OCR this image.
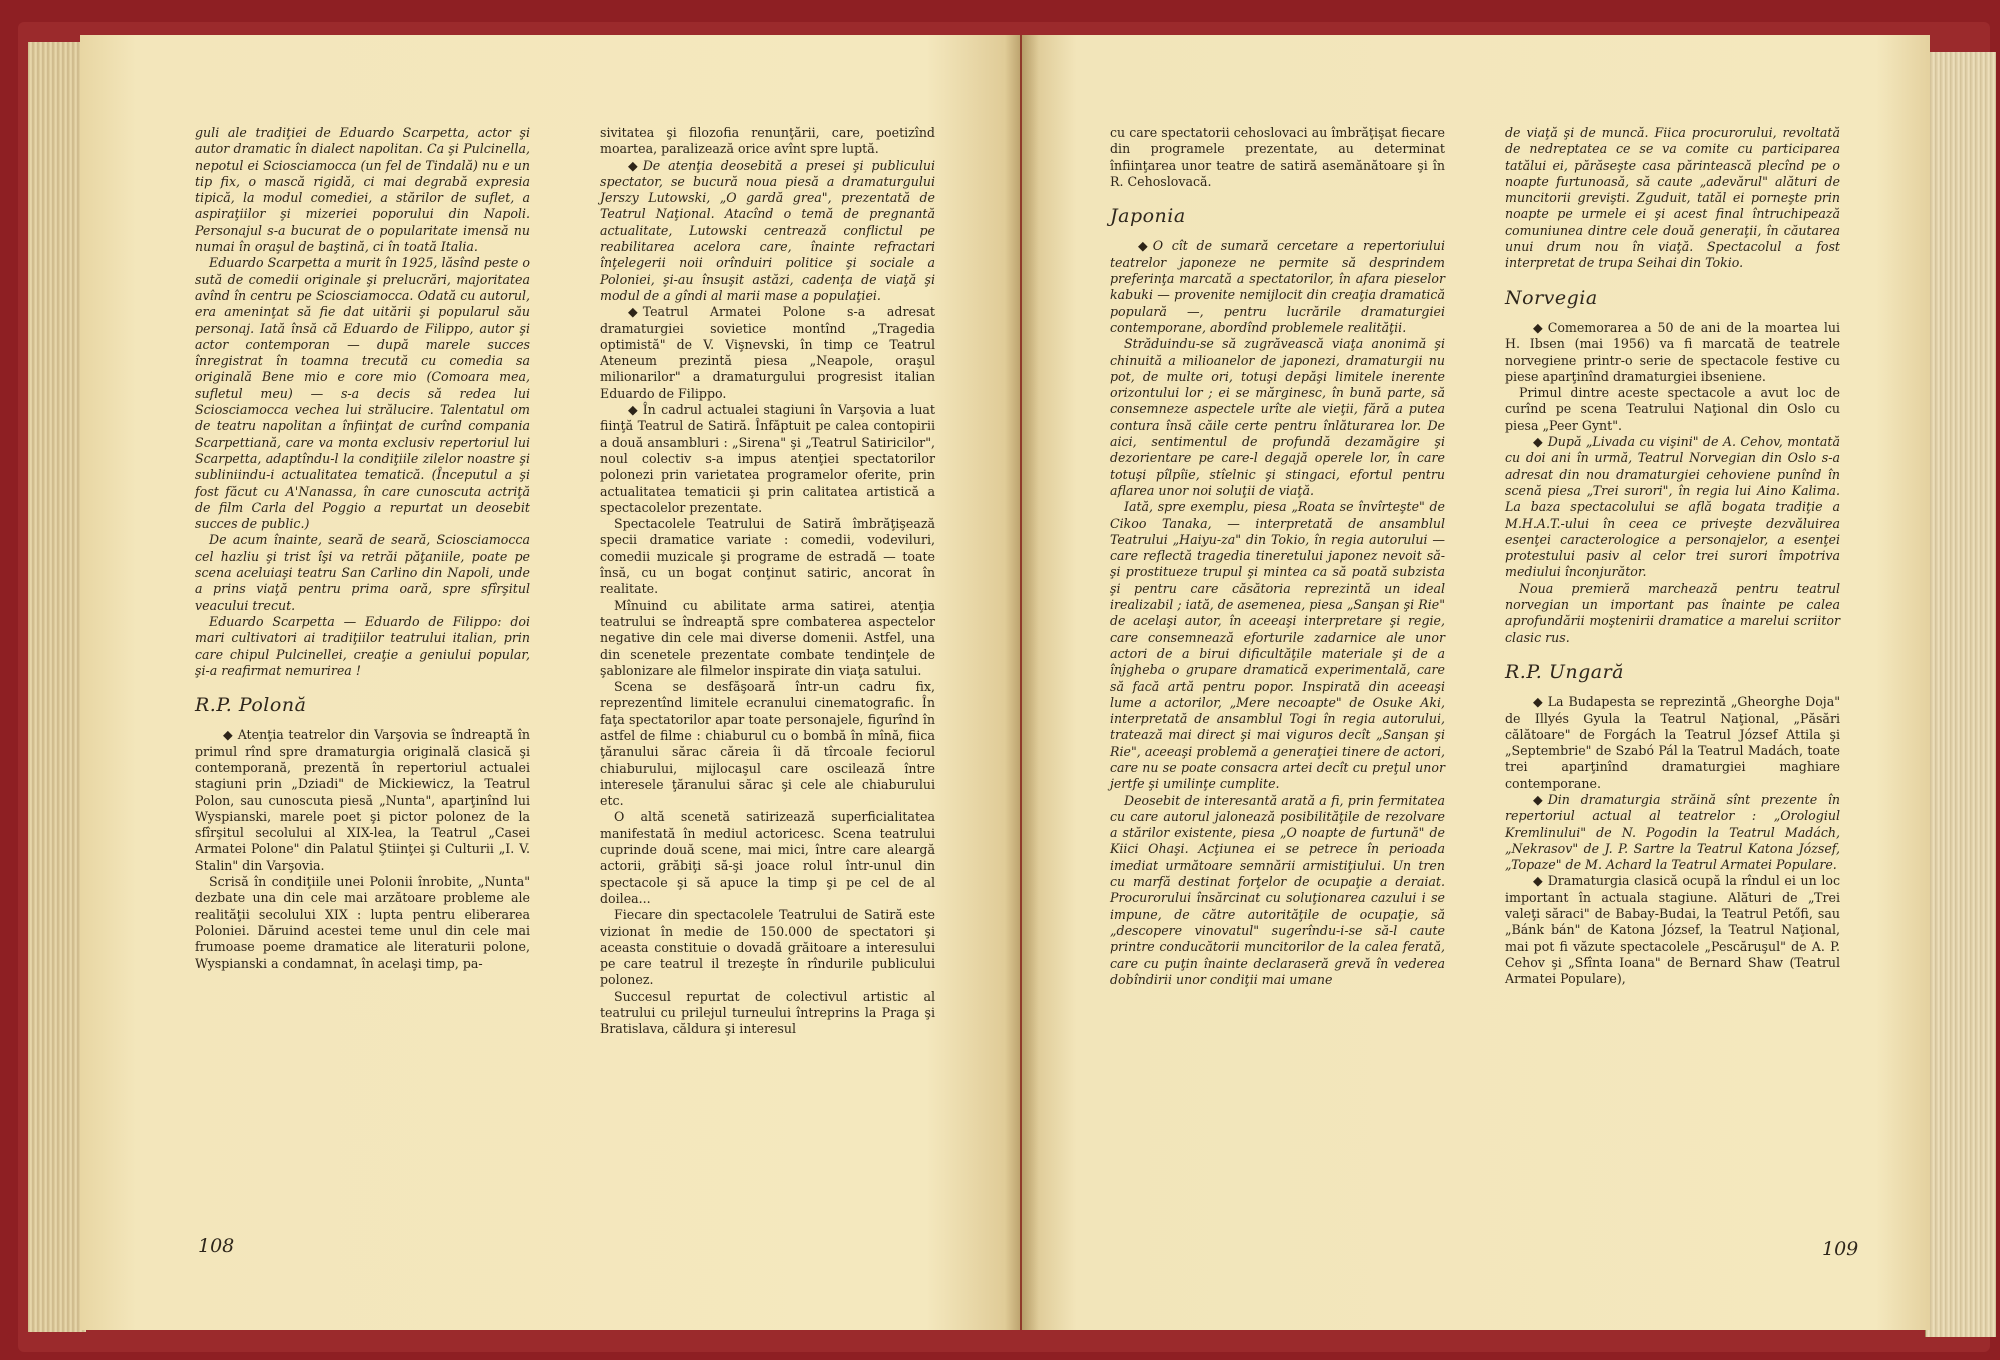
guli ale tradiţiei de Eduardo Scarpetta, actor şi autor dramatic în dialect napolitan. Ca şi Pulcinella, nepotul ei Sciosciamocca (un fel de Tindală) nu e un tip fix, o mască rigidă, ci mai degrabă expresia tipică, la modul comediei, a stărilor de suflet, a aspiraţiilor şi mizeriei poporului din Napoli. Personajul s-a bucurat de o popularitate imensă nu numai în oraşul de baştină, ci în toată Italia.

Eduardo Scarpetta a murit în 1925, lăsînd peste o sută de comedii originale şi prelucrări, majoritatea avînd în centru pe Sciosciamocca. Odată cu autorul, era ameninţat să fie dat uitării şi popularul său personaj. Iată însă că Eduardo de Filippo, autor şi actor contemporan — după marele succes înregistrat în toamna trecută cu comedia sa originală Bene mio e core mio (Comoara mea, sufletul meu) — s-a decis să redea lui Sciosciamocca vechea lui strălucire. Talentatul om de teatru napolitan a înfiinţat de curînd compania Scarpettiană, care va monta exclusiv repertoriul lui Scarpetta, adaptîndu-l la condiţiile zilelor noastre şi subliniindu-i actualitatea tematică. (Începutul a şi fost făcut cu A'Nanassa, în care cunoscuta actriţă de film Carla del Poggio a repurtat un deosebit succes de public.)

De acum înainte, seară de seară, Sciosciamocca cel hazliu şi trist îşi va retrăi păţaniile, poate pe scena aceluiaşi teatru San Carlino din Napoli, unde a prins viaţă pentru prima oară, spre sfîrşitul veacului trecut.

Eduardo Scarpetta — Eduardo de Filippo: doi mari cultivatori ai tradiţiilor teatrului italian, prin care chipul Pulcinellei, creaţie a geniului popular, şi-a reafirmat nemurirea !

R.P. Polonă

◆ Atenţia teatrelor din Varşovia se îndreaptă în primul rînd spre dramaturgia originală clasică şi contemporană, prezentă în repertoriul actualei stagiuni prin „Dziadi" de Mickiewicz, la Teatrul Polon, sau cunoscuta piesă „Nunta", aparţinînd lui Wyspianski, marele poet şi pictor polonez de la sfîrşitul secolului al XIX-lea, la Teatrul „Casei Armatei Polone" din Palatul Ştiinţei şi Culturii „I. V. Stalin" din Varşovia.

Scrisă în condiţiile unei Polonii înrobite, „Nunta" dezbate una din cele mai arzătoare probleme ale realităţii secolului XIX : lupta pentru eliberarea Poloniei. Dăruind acestei teme unul din cele mai frumoase poeme dramatice ale literaturii polone, Wyspianski a condamnat, în acelaşi timp, pa-

sivitatea şi filozofia renunţării, care, poetizînd moartea, paralizează orice avînt spre luptă.

◆ De atenţia deosebită a presei şi publicului spectator, se bucură noua piesă a dramaturgului Jerszy Lutowski, „O gardă grea", prezentată de Teatrul Naţional. Atacînd o temă de pregnantă actualitate, Lutowski centrează conflictul pe reabilitarea acelora care, înainte refractari înţelegerii noii orînduiri politice şi sociale a Poloniei, şi-au însuşit astăzi, cadenţa de viaţă şi modul de a gîndi al marii mase a populaţiei.

◆ Teatrul Armatei Polone s-a adresat dramaturgiei sovietice montînd „Tragedia optimistă" de V. Vişnevski, în timp ce Teatrul Ateneum prezintă piesa „Neapole, oraşul milionarilor" a dramaturgului progresist italian Eduardo de Filippo.

◆ În cadrul actualei stagiuni în Varşovia a luat fiinţă Teatrul de Satiră. Înfăptuit pe calea contopirii a două ansambluri : „Sirena" şi „Teatrul Satiricilor", noul colectiv s-a impus atenţiei spectatorilor polonezi prin varietatea programelor oferite, prin actualitatea tematicii şi prin calitatea artistică a spectacolelor prezentate.

Spectacolele Teatrului de Satiră îmbrăţişează specii dramatice variate : comedii, vodeviluri, comedii muzicale şi programe de estradă — toate însă, cu un bogat conţinut satiric, ancorat în realitate.

Mînuind cu abilitate arma satirei, atenţia teatrului se îndreaptă spre combaterea aspectelor negative din cele mai diverse domenii. Astfel, una din scenetele prezentate combate tendinţele de şablonizare ale filmelor inspirate din viaţa satului.

Scena se desfăşoară într-un cadru fix, reprezentînd limitele ecranului cinematografic. În faţa spectatorilor apar toate personajele, figurînd în astfel de filme : chiaburul cu o bombă în mînă, fiica ţăranului sărac căreia îi dă tîrcoale feciorul chiaburului, mijlocaşul care oscilează între interesele ţăranului sărac şi cele ale chiaburului etc.

O altă scenetă satirizează superficialitatea manifestată în mediul actoricesc. Scena teatrului cuprinde două scene, mai mici, între care aleargă actorii, grăbiţi să-şi joace rolul într-unul din spectacole şi să apuce la timp şi pe cel de al doilea...

Fiecare din spectacolele Teatrului de Satiră este vizionat în medie de 150.000 de spectatori şi aceasta constituie o dovadă grăitoare a interesului pe care teatrul il trezeşte în rîndurile publicului polonez.

Succesul repurtat de colectivul artistic al teatrului cu prilejul turneului întreprins la Praga şi Bratislava, căldura şi interesul

108

cu care spectatorii cehoslovaci au îmbrăţişat fiecare din programele prezentate, au determinat înfiinţarea unor teatre de satiră asemănătoare şi în R. Cehoslovacă.

Japonia

◆ O cît de sumară cercetare a repertoriului teatrelor japoneze ne permite să desprindem preferinţa marcată a spectatorilor, în afara pieselor kabuki — provenite nemijlocit din creaţia dramatică populară —, pentru lucrările dramaturgiei contemporane, abordînd problemele realităţii.

Străduindu-se să zugrăvească viaţa anonimă şi chinuită a milioanelor de japonezi, dramaturgii nu pot, de multe ori, totuşi depăşi limitele inerente orizontului lor ; ei se mărginesc, în bună parte, să consemneze aspectele urîte ale vieţii, fără a putea contura însă căile certe pentru înlăturarea lor. De aici, sentimentul de profundă dezamăgire şi dezorientare pe care-l degajă operele lor, în care totuşi pîlpîie, stîelnic şi stingaci, efortul pentru aflarea unor noi soluţii de viaţă.

Iată, spre exemplu, piesa „Roata se învîrteşte" de Cikoo Tanaka, — interpretată de ansamblul Teatrului „Haiyu-za" din Tokio, în regia autorului — care reflectă tragedia tineretului japonez nevoit să-şi prostitueze trupul şi mintea ca să poată subzista şi pentru care căsătoria reprezintă un ideal irealizabil ; iată, de asemenea, piesa „Sanşan şi Rie" de acelaşi autor, în aceeaşi interpretare şi regie, care consemnează eforturile zadarnice ale unor actori de a birui dificultăţile materiale şi de a înjgheba o grupare dramatică experimentală, care să facă artă pentru popor. Inspirată din aceeaşi lume a actorilor, „Mere necoapte" de Osuke Aki, interpretată de ansamblul Togi în regia autorului, tratează mai direct şi mai viguros decît „Sanşan şi Rie", aceeaşi problemă a generaţiei tinere de actori, care nu se poate consacra artei decît cu preţul unor jertfe şi umilinţe cumplite.

Deosebit de interesantă arată a fi, prin fermitatea cu care autorul jalonează posibilităţile de rezolvare a stărilor existente, piesa „O noapte de furtună" de Kiici Ohaşi. Acţiunea ei se petrece în perioada imediat următoare semnării armistiţiului. Un tren cu marfă destinat forţelor de ocupaţie a deraiat. Procurorului însărcinat cu soluţionarea cazului i se impune, de către autorităţile de ocupaţie, să „descopere vinovatul" sugerîndu-i-se să-l caute printre conducătorii muncitorilor de la calea ferată, care cu puţin înainte declaraseră grevă în vederea dobîndirii unor condiţii mai umane

de viaţă şi de muncă. Fiica procurorului, revoltată de nedreptatea ce se va comite cu participarea tatălui ei, părăseşte casa părintească plecînd pe o noapte furtunoasă, să caute „adevărul" alături de muncitorii grevişti. Zguduit, tatăl ei porneşte prin noapte pe urmele ei şi acest final întruchipează comuniunea dintre cele două generaţii, în căutarea unui drum nou în viaţă. Spectacolul a fost interpretat de trupa Seihai din Tokio.

Norvegia

◆ Comemorarea a 50 de ani de la moartea lui H. Ibsen (mai 1956) va fi marcată de teatrele norvegiene printr-o serie de spectacole festive cu piese aparţinînd dramaturgiei ibseniene.

Primul dintre aceste spectacole a avut loc de curînd pe scena Teatrului Naţional din Oslo cu piesa „Peer Gynt".

◆ După „Livada cu vişini" de A. Cehov, montată cu doi ani în urmă, Teatrul Norvegian din Oslo s-a adresat din nou dramaturgiei cehoviene punînd în scenă piesa „Trei surori", în regia lui Aino Kalima. La baza spectacolului se află bogata tradiţie a M.H.A.T.-ului în ceea ce priveşte dezvăluirea esenţei caracterologice a personajelor, a esenţei protestului pasiv al celor trei surori împotriva mediului înconjurător.

Noua premieră marchează pentru teatrul norvegian un important pas înainte pe calea aprofundării moştenirii dramatice a marelui scriitor clasic rus.

R.P. Ungară

◆ La Budapesta se reprezintă „Gheorghe Doja" de Illyés Gyula la Teatrul Naţional, „Păsări călătoare" de Forgách la Teatrul József Attila şi „Septembrie" de Szabó Pál la Teatrul Madách, toate trei aparţinînd dramaturgiei maghiare contemporane.

◆ Din dramaturgia străină sînt prezente în repertoriul actual al teatrelor : „Orologiul Kremlinului" de N. Pogodin la Teatrul Madách, „Nekrasov" de J. P. Sartre la Teatrul Katona József, „Topaze" de M. Achard la Teatrul Armatei Populare.

◆ Dramaturgia clasică ocupă la rîndul ei un loc important în actuala stagiune. Alături de „Trei valeţi săraci" de Babay-Budai, la Teatrul Petőfi, sau „Bánk bán" de Katona József, la Teatrul Naţional, mai pot fi văzute spectacolele „Pescăruşul" de A. P. Cehov şi „Sfînta Ioana" de Bernard Shaw (Teatrul Armatei Populare),

109
